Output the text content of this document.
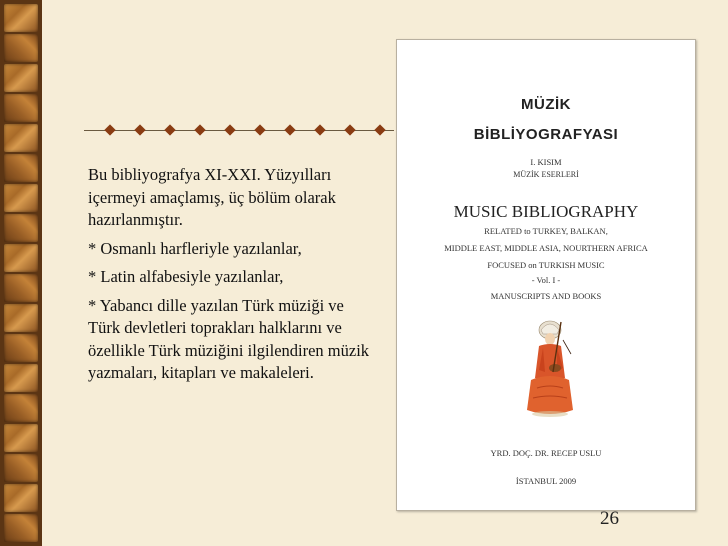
Bu bibliyografya XI-XXI. Yüzyılları içermeyi amaçlamış, üç bölüm olarak hazırlanmıştır.

* Osmanlı harfleriyle yazılanlar,

* Latin alfabesiyle yazılanlar,

* Yabancı dille yazılan Türk müziği ve Türk devletleri toprakları halklarını ve özellikle Türk müziğini ilgilendiren müzik yazmaları, kitapları ve makaleleri.

MÜZİK
BİBLİYOGRAFYASI
I. KISIM
MÜZİK ESERLERİ
MUSIC BIBLIOGRAPHY
RELATED to TURKEY, BALKAN,
MIDDLE EAST, MIDDLE ASIA, NOURTHERN AFRICA
FOCUSED on TURKISH MUSIC
- Vol. I -
MANUSCRIPTS AND BOOKS
YRD. DOÇ. DR. RECEP USLU
İSTANBUL 2009
26
